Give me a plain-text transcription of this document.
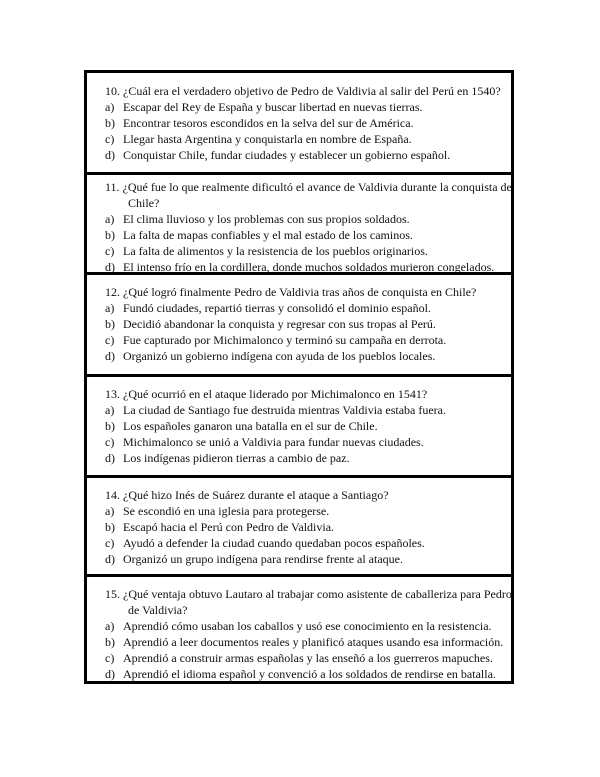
10. ¿Cuál era el verdadero objetivo de Pedro de Valdivia al salir del Perú en 1540?
a) Escapar del Rey de España y buscar libertad en nuevas tierras.
b) Encontrar tesoros escondidos en la selva del sur de América.
c) Llegar hasta Argentina y conquistarla en nombre de España.
d) Conquistar Chile, fundar ciudades y establecer un gobierno español.
11. ¿Qué fue lo que realmente dificultó el avance de Valdivia durante la conquista de
Chile?
a) El clima lluvioso y los problemas con sus propios soldados.
b) La falta de mapas confiables y el mal estado de los caminos.
c) La falta de alimentos y la resistencia de los pueblos originarios.
d) El intenso frío en la cordillera, donde muchos soldados murieron congelados.
12. ¿Qué logró finalmente Pedro de Valdivia tras años de conquista en Chile?
a) Fundó ciudades, repartió tierras y consolidó el dominio español.
b) Decidió abandonar la conquista y regresar con sus tropas al Perú.
c) Fue capturado por Michimalonco y terminó su campaña en derrota.
d) Organizó un gobierno indígena con ayuda de los pueblos locales.
13. ¿Qué ocurrió en el ataque liderado por Michimalonco en 1541?
a) La ciudad de Santiago fue destruida mientras Valdivia estaba fuera.
b) Los españoles ganaron una batalla en el sur de Chile.
c) Michimalonco se unió a Valdivia para fundar nuevas ciudades.
d) Los indígenas pidieron tierras a cambio de paz.
14. ¿Qué hizo Inés de Suárez durante el ataque a Santiago?
a) Se escondió en una iglesia para protegerse.
b) Escapó hacia el Perú con Pedro de Valdivia.
c) Ayudó a defender la ciudad cuando quedaban pocos españoles.
d) Organizó un grupo indígena para rendirse frente al ataque.
15. ¿Qué ventaja obtuvo Lautaro al trabajar como asistente de caballeriza para Pedro
de Valdivia?
a) Aprendió cómo usaban los caballos y usó ese conocimiento en la resistencia.
b) Aprendió a leer documentos reales y planificó ataques usando esa información.
c) Aprendió a construir armas españolas y las enseñó a los guerreros mapuches.
d) Aprendió el idioma español y convenció a los soldados de rendirse en batalla.
